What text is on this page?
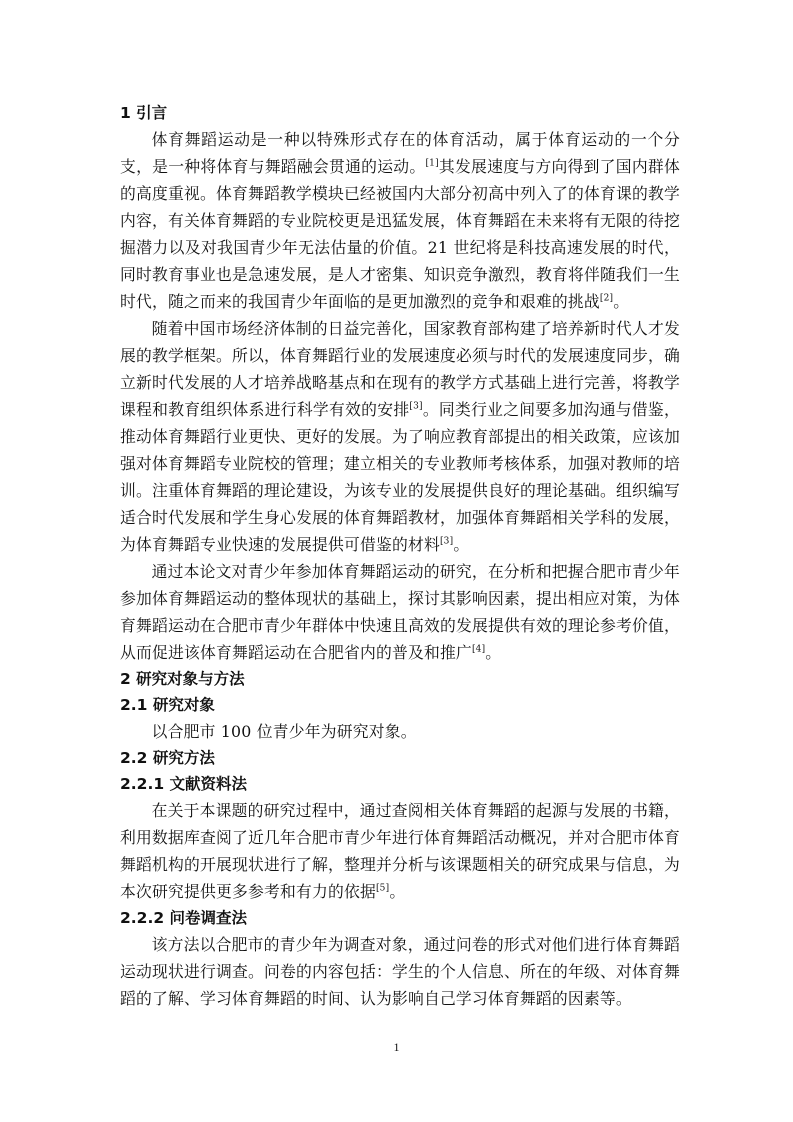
1 引言

体育舞蹈运动是一种以特殊形式存在的体育活动，属于体育运动的一个分支，是一种将体育与舞蹈融会贯通的运动。[1]其发展速度与方向得到了国内群体的高度重视。体育舞蹈教学模块已经被国内大部分初高中列入了的体育课的教学内容，有关体育舞蹈的专业院校更是迅猛发展，体育舞蹈在未来将有无限的待挖掘潜力以及对我国青少年无法估量的价值。21 世纪将是科技高速发展的时代，同时教育事业也是急速发展，是人才密集、知识竞争激烈，教育将伴随我们一生时代，随之而来的我国青少年面临的是更加激烈的竞争和艰难的挑战[2]。

随着中国市场经济体制的日益完善化，国家教育部构建了培养新时代人才发展的教学框架。所以，体育舞蹈行业的发展速度必须与时代的发展速度同步，确立新时代发展的人才培养战略基点和在现有的教学方式基础上进行完善，将教学课程和教育组织体系进行科学有效的安排[3]。同类行业之间要多加沟通与借鉴，推动体育舞蹈行业更快、更好的发展。为了响应教育部提出的相关政策，应该加强对体育舞蹈专业院校的管理；建立相关的专业教师考核体系，加强对教师的培训。注重体育舞蹈的理论建设，为该专业的发展提供良好的理论基础。组织编写适合时代发展和学生身心发展的体育舞蹈教材，加强体育舞蹈相关学科的发展，为体育舞蹈专业快速的发展提供可借鉴的材料[3]。

通过本论文对青少年参加体育舞蹈运动的研究，在分析和把握合肥市青少年参加体育舞蹈运动的整体现状的基础上，探讨其影响因素，提出相应对策，为体育舞蹈运动在合肥市青少年群体中快速且高效的发展提供有效的理论参考价值，从而促进该体育舞蹈运动在合肥省内的普及和推广[4]。

2 研究对象与方法
2.1 研究对象

以合肥市 100 位青少年为研究对象。

2.2 研究方法
2.2.1 文献资料法

在关于本课题的研究过程中，通过查阅相关体育舞蹈的起源与发展的书籍，利用数据库查阅了近几年合肥市青少年进行体育舞蹈活动概况，并对合肥市体育舞蹈机构的开展现状进行了解，整理并分析与该课题相关的研究成果与信息，为本次研究提供更多参考和有力的依据[5]。

2.2.2 问卷调查法

该方法以合肥市的青少年为调查对象，通过问卷的形式对他们进行体育舞蹈运动现状进行调查。问卷的内容包括：学生的个人信息、所在的年级、对体育舞蹈的了解、学习体育舞蹈的时间、认为影响自己学习体育舞蹈的因素等。

1
